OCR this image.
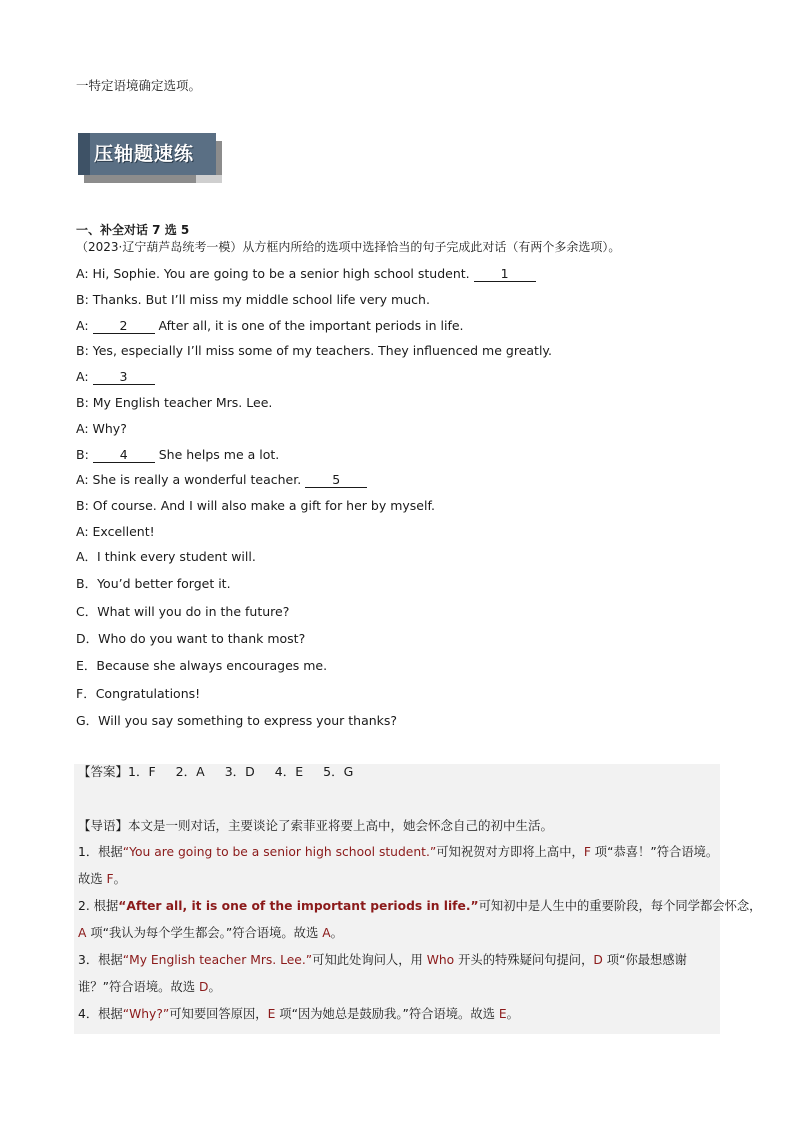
一特定语境确定选项。
压轴题速练
一、补全对话 7 选 5
（2023·辽宁葫芦岛统考一模）从方框内所给的选项中选择恰当的句子完成此对话（有两个多余选项）。
A: Hi, Sophie. You are going to be a senior high school student. 1
B: Thanks. But I’ll miss my middle school life very much.
A: 2 After all, it is one of the important periods in life.
B: Yes, especially I’ll miss some of my teachers. They influenced me greatly.
A: 3
B: My English teacher Mrs. Lee.
A: Why?
B: 4 She helps me a lot.
A: She is really a wonderful teacher. 5
B: Of course. And I will also make a gift for her by myself.
A: Excellent!
A．I think every student will.
B．You’d better forget it.
C．What will you do in the future?
D．Who do you want to thank most?
E．Because she always encourages me.
F．Congratulations!
G．Will you say something to express your thanks?
【答案】1．F 2．A 3．D 4．E 5．G
【导语】本文是一则对话，主要谈论了索菲亚将要上高中，她会怀念自己的初中生活。
1．根据“You are going to be a senior high school student.”可知祝贺对方即将上高中，F 项“恭喜！”符合语境。
故选 F。
2. 根据“After all, it is one of the important periods in life.”可知初中是人生中的重要阶段，每个同学都会怀念，
A 项“我认为每个学生都会。”符合语境。故选 A。
3．根据“My English teacher Mrs. Lee.”可知此处询问人，用 Who 开头的特殊疑问句提问，D 项“你最想感谢
谁？”符合语境。故选 D。
4．根据“Why?”可知要回答原因，E 项“因为她总是鼓励我。”符合语境。故选 E。
